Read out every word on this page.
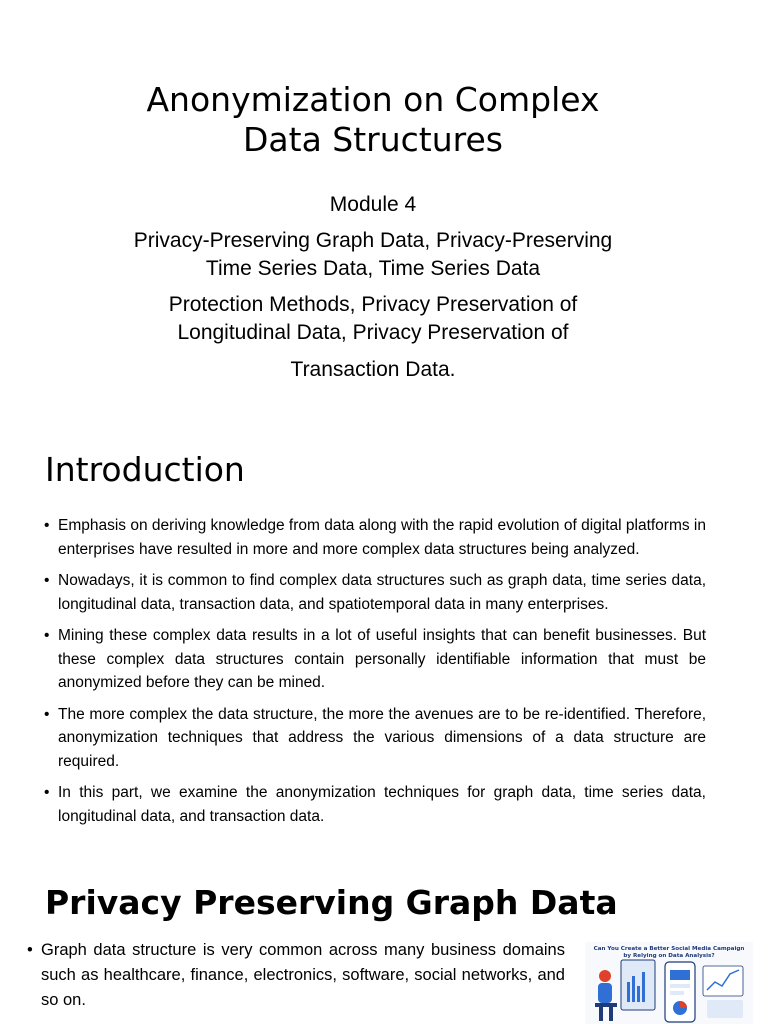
Anonymization on Complex
Data Structures
Module 4
Privacy-Preserving Graph Data, Privacy-Preserving
Time Series Data, Time Series Data
Protection Methods, Privacy Preservation of
Longitudinal Data, Privacy Preservation of
Transaction Data.
Introduction
• Emphasis on deriving knowledge from data along with the rapid evolution of digital platforms in enterprises have resulted in more and more complex data structures being analyzed.
• Nowadays, it is common to find complex data structures such as graph data, time series data, longitudinal data, transaction data, and spatiotemporal data in many enterprises.
• Mining these complex data results in a lot of useful insights that can benefit businesses. But these complex data structures contain personally identifiable information that must be anonymized before they can be mined.
• The more complex the data structure, the more the avenues are to be re-identified. Therefore, anonymization techniques that address the various dimensions of a data structure are required.
• In this part, we examine the anonymization techniques for graph data, time series data, longitudinal data, and transaction data.
Privacy Preserving Graph Data
• Graph data structure is very common across many business domains such as healthcare, finance, electronics, software, social networks, and so on.
Can You Create a Better Social Media Campaign by Relying on Data Analysis?
